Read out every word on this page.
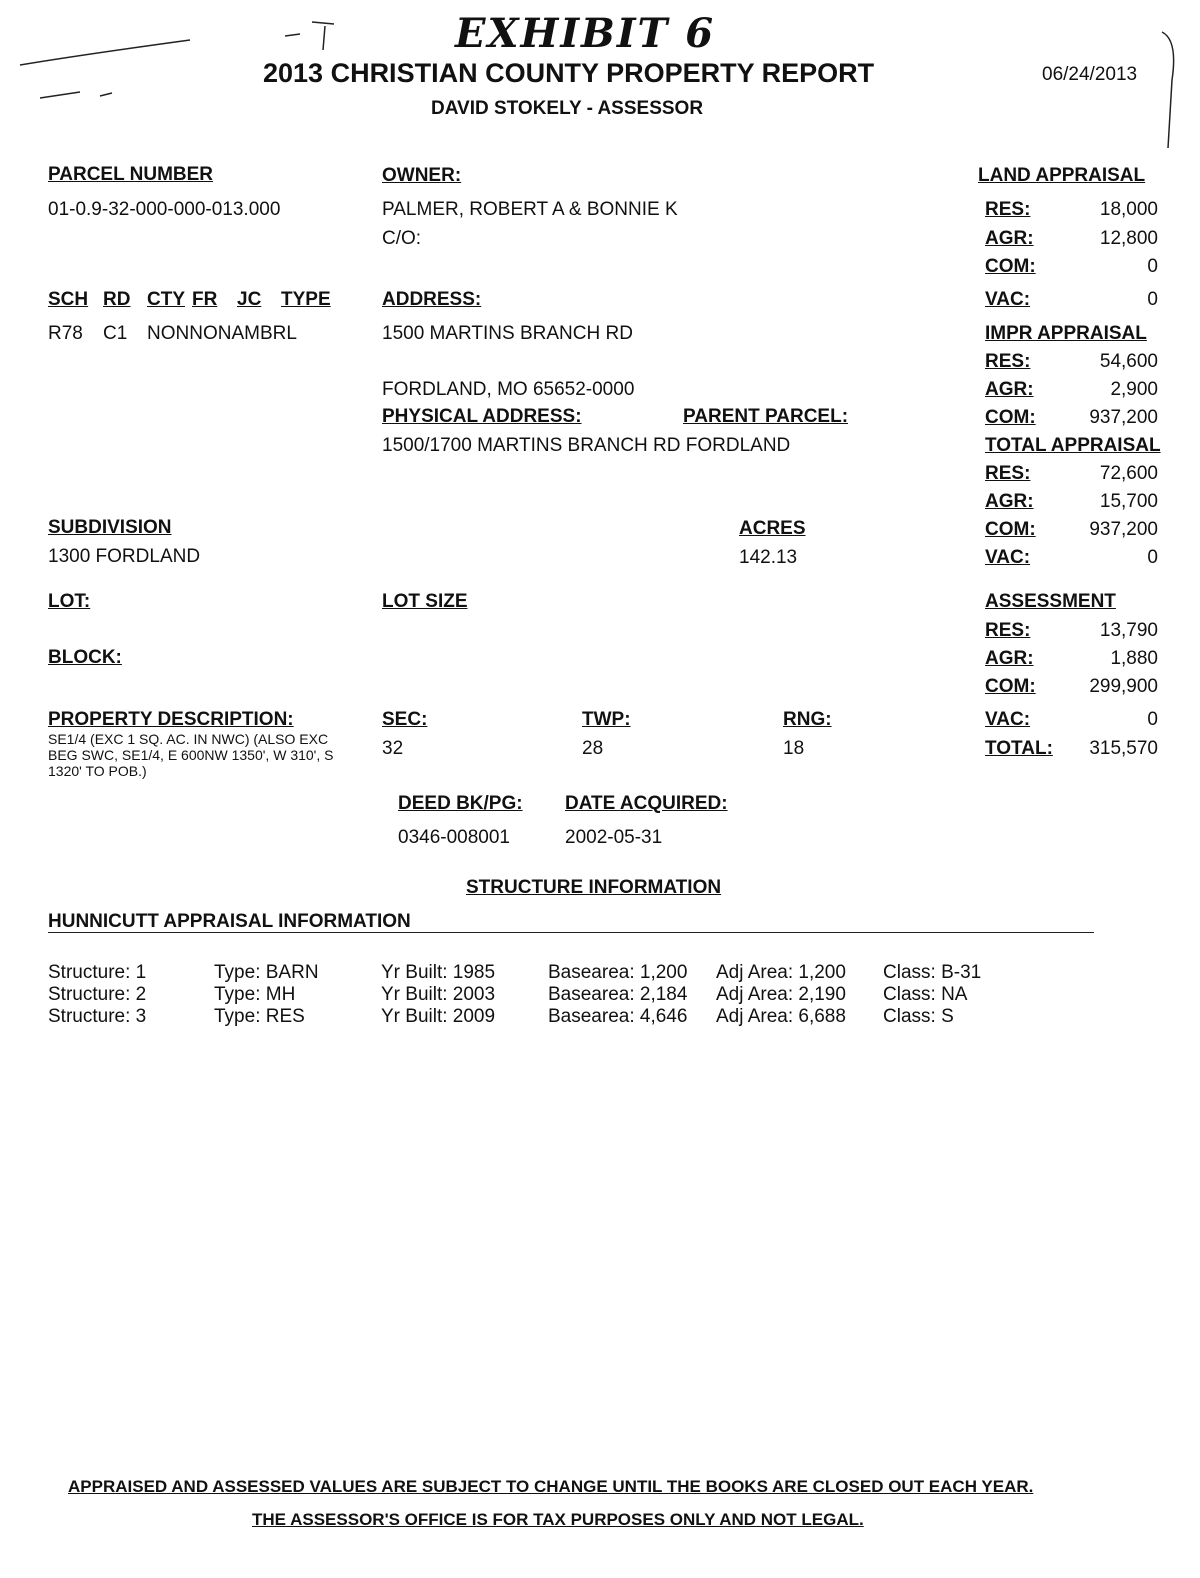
EXHIBIT 6
2013 CHRISTIAN COUNTY PROPERTY REPORT	06/24/2013
DAVID STOKELY - ASSESSOR
PARCEL NUMBER
01-0.9-32-000-000-013.000
SCH RD CTY FR JC TYPE
R78 C1 NONNONAMBRL
SUBDIVISION
1300 FORDLAND
LOT:
BLOCK:
PROPERTY DESCRIPTION:
SE1/4 (EXC 1 SQ. AC. IN NWC) (ALSO EXC BEG SWC, SE1/4, E 600NW 1350', W 310', S 1320' TO POB.)
OWNER:
PALMER, ROBERT A & BONNIE K
C/O:
ADDRESS:
1500 MARTINS BRANCH RD
FORDLAND, MO 65652-0000
PHYSICAL ADDRESS:	PARENT PARCEL:
1500/1700 MARTINS BRANCH RD FORDLAND
ACRES
142.13
LOT SIZE
SEC:
32
TWP:
28
RNG:
18
DEED BK/PG:
0346-008001
DATE ACQUIRED:
2002-05-31
LAND APPRAISAL
RES:	18,000
AGR:	12,800
COM:	0
VAC:	0
IMPR APPRAISAL
RES:	54,600
AGR:	2,900
COM:	937,200
TOTAL APPRAISAL
RES:	72,600
AGR:	15,700
COM:	937,200
VAC:	0
ASSESSMENT
RES:	13,790
AGR:	1,880
COM:	299,900
VAC:	0
TOTAL:	315,570
STRUCTURE INFORMATION
HUNNICUTT APPRAISAL INFORMATION
Structure: 1	Type: BARN	Yr Built: 1985	Basearea: 1,200 Adj Area: 1,200 Class: B-31
Structure: 2	Type: MH	Yr Built: 2003	Basearea: 2,184 Adj Area: 2,190 Class: NA
Structure: 3	Type: RES	Yr Built: 2009	Basearea: 4,646 Adj Area: 6,688 Class: S
APPRAISED AND ASSESSED VALUES ARE SUBJECT TO CHANGE UNTIL THE BOOKS ARE CLOSED OUT EACH YEAR.
THE ASSESSOR'S OFFICE IS FOR TAX PURPOSES ONLY AND NOT LEGAL.
